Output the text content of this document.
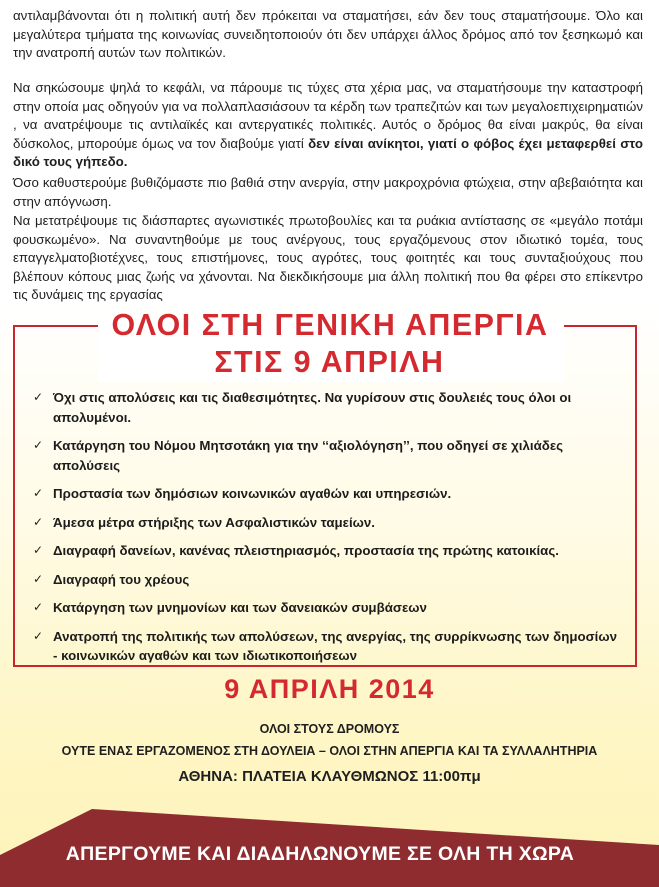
αντιλαμβάνονται ότι η πολιτική αυτή δεν πρόκειται να σταματήσει, εάν δεν τους σταματήσουμε. Όλο και μεγαλύτερα τμήματα της κοινωνίας συνειδητοποιούν ότι δεν υπάρχει άλλος δρόμος από τον ξεσηκωμό και την ανατροπή αυτών των πολιτικών.

Να σηκώσουμε ψηλά το κεφάλι, να πάρουμε τις τύχες στα χέρια μας, να σταματήσουμε την καταστροφή στην οποία μας οδηγούν για να πολλαπλασιάσουν τα κέρδη των τραπεζιτών και των μεγαλοεπιχειρηματιών , να ανατρέψουμε τις αντιλαϊκές και αντεργατικές πολιτικές. Αυτός ο δρόμος θα είναι μακρύς, θα είναι δύσκολος, μπορούμε όμως να τον διαβούμε γιατί δεν είναι ανίκητοι, γιατί ο φόβος έχει μεταφερθεί στο δικό τους γήπεδο.

Όσο καθυστερούμε βυθιζόμαστε πιο βαθιά στην ανεργία, στην μακροχρόνια φτώχεια, στην αβεβαιότητα και στην απόγνωση.

Να μετατρέψουμε τις διάσπαρτες αγωνιστικές πρωτοβουλίες και τα ρυάκια αντίστασης σε «μεγάλο ποτάμι φουσκωμένο». Να συναντηθούμε με τους ανέργους, τους εργαζόμενους στον ιδιωτικό τομέα, τους επαγγελματοβιοτέχνες, τους επιστήμονες, τους αγρότες, τους φοιτητές και τους συνταξιούχους που βλέπουν κόπους μιας ζωής να χάνονται. Να διεκδικήσουμε μια άλλη πολιτική που θα φέρει στο επίκεντρο τις δυνάμεις της εργασίας

ΟΛΟΙ ΣΤΗ ΓΕΝΙΚΗ ΑΠΕΡΓΙΑ
ΣΤΙΣ 9 ΑΠΡΙΛΗ
✓ Όχι στις απολύσεις και τις διαθεσιμότητες. Να γυρίσουν στις δουλειές τους όλοι οι απολυμένοι.
✓ Κατάργηση του Νόμου Μητσοτάκη για την ‘‘αξιολόγηση’’, που οδηγεί σε χιλιάδες απολύσεις
✓ Προστασία των δημόσιων κοινωνικών αγαθών και υπηρεσιών.
✓ Άμεσα μέτρα στήριξης των Ασφαλιστικών ταμείων.
✓ Διαγραφή δανείων, κανένας πλειστηριασμός, προστασία της πρώτης κατοικίας.
✓ Διαγραφή του χρέους
✓ Κατάργηση των μνημονίων και των δανειακών συμβάσεων
✓ Ανατροπή της πολιτικής των απολύσεων, της ανεργίας, της συρρίκνωσης των δημοσίων - κοινωνικών αγαθών και των ιδιωτικοποιήσεων
9 ΑΠΡΙΛΗ 2014
ΟΛΟΙ ΣΤΟΥΣ ΔΡΟΜΟΥΣ
ΟΥΤΕ ΕΝΑΣ ΕΡΓΑΖΟΜΕΝΟΣ ΣΤΗ ΔΟΥΛΕΙΑ – ΟΛΟΙ ΣΤΗΝ ΑΠΕΡΓΙΑ ΚΑΙ ΤΑ ΣΥΛΛΑΛΗΤΗΡΙΑ
ΑΘΗΝΑ: ΠΛΑΤΕΙΑ ΚΛΑΥΘΜΩΝΟΣ 11:00πμ
ΑΠΕΡΓΟΥΜΕ ΚΑΙ ΔΙΑΔΗΛΩΝΟΥΜΕ ΣΕ ΟΛΗ ΤΗ ΧΩΡΑ
